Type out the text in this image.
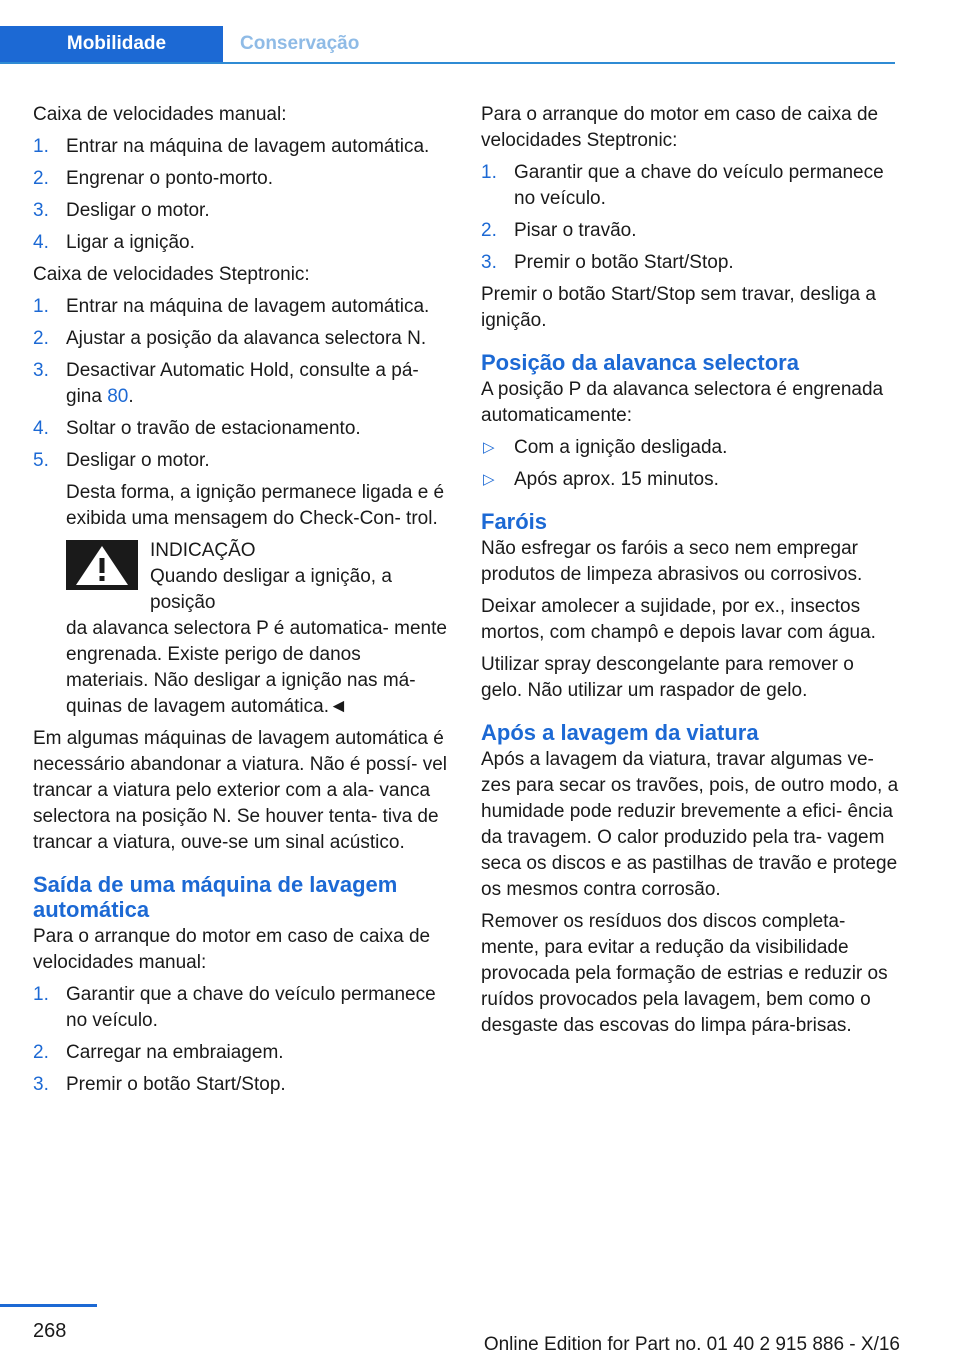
Mobilidade	Conservação

Caixa de velocidades manual:

1. Entrar na máquina de lavagem automática.
2. Engrenar o ponto-morto.
3. Desligar o motor.
4. Ligar a ignição.

Caixa de velocidades Steptronic:

1. Entrar na máquina de lavagem automática.
2. Ajustar a posição da alavanca selectora N.
3. Desactivar Automatic Hold, consulte a pá- gina 80.
4. Soltar o travão de estacionamento.
5. Desligar o motor.
Desta forma, a ignição permanece ligada e é exibida uma mensagem do Check-Con- trol.
INDICAÇÃO
Quando desligar a ignição, a posição
da alavanca selectora P é automatica- mente engrenada. Existe perigo de danos materiais. Não desligar a ignição nas má- quinas de lavagem automática.◄

Em algumas máquinas de lavagem automática é necessário abandonar a viatura. Não é possí- vel trancar a viatura pelo exterior com a ala- vanca selectora na posição N. Se houver tenta- tiva de trancar a viatura, ouve-se um sinal acústico.

Saída de uma máquina de lavagem automática

Para o arranque do motor em caso de caixa de velocidades manual:

1. Garantir que a chave do veículo permanece no veículo.
2. Carregar na embraiagem.
3. Premir o botão Start/Stop.

Para o arranque do motor em caso de caixa de velocidades Steptronic:

1. Garantir que a chave do veículo permanece no veículo.
2. Pisar o travão.
3. Premir o botão Start/Stop.

Premir o botão Start/Stop sem travar, desliga a ignição.

Posição da alavanca selectora

A posição P da alavanca selectora é engrenada automaticamente:

▷ Com a ignição desligada.
▷ Após aprox. 15 minutos.
Faróis

Não esfregar os faróis a seco nem empregar produtos de limpeza abrasivos ou corrosivos.

Deixar amolecer a sujidade, por ex., insectos mortos, com champô e depois lavar com água.

Utilizar spray descongelante para remover o gelo. Não utilizar um raspador de gelo.

Após a lavagem da viatura

Após a lavagem da viatura, travar algumas ve- zes para secar os travões, pois, de outro modo, a humidade pode reduzir brevemente a efici- ência da travagem. O calor produzido pela tra- vagem seca os discos e as pastilhas de travão e protege os mesmos contra corrosão.

Remover os resíduos dos discos completa- mente, para evitar a redução da visibilidade provocada pela formação de estrias e reduzir os ruídos provocados pela lavagem, bem como o desgaste das escovas do limpa pára-brisas.

268
Online Edition for Part no. 01 40 2 915 886 - X/16
